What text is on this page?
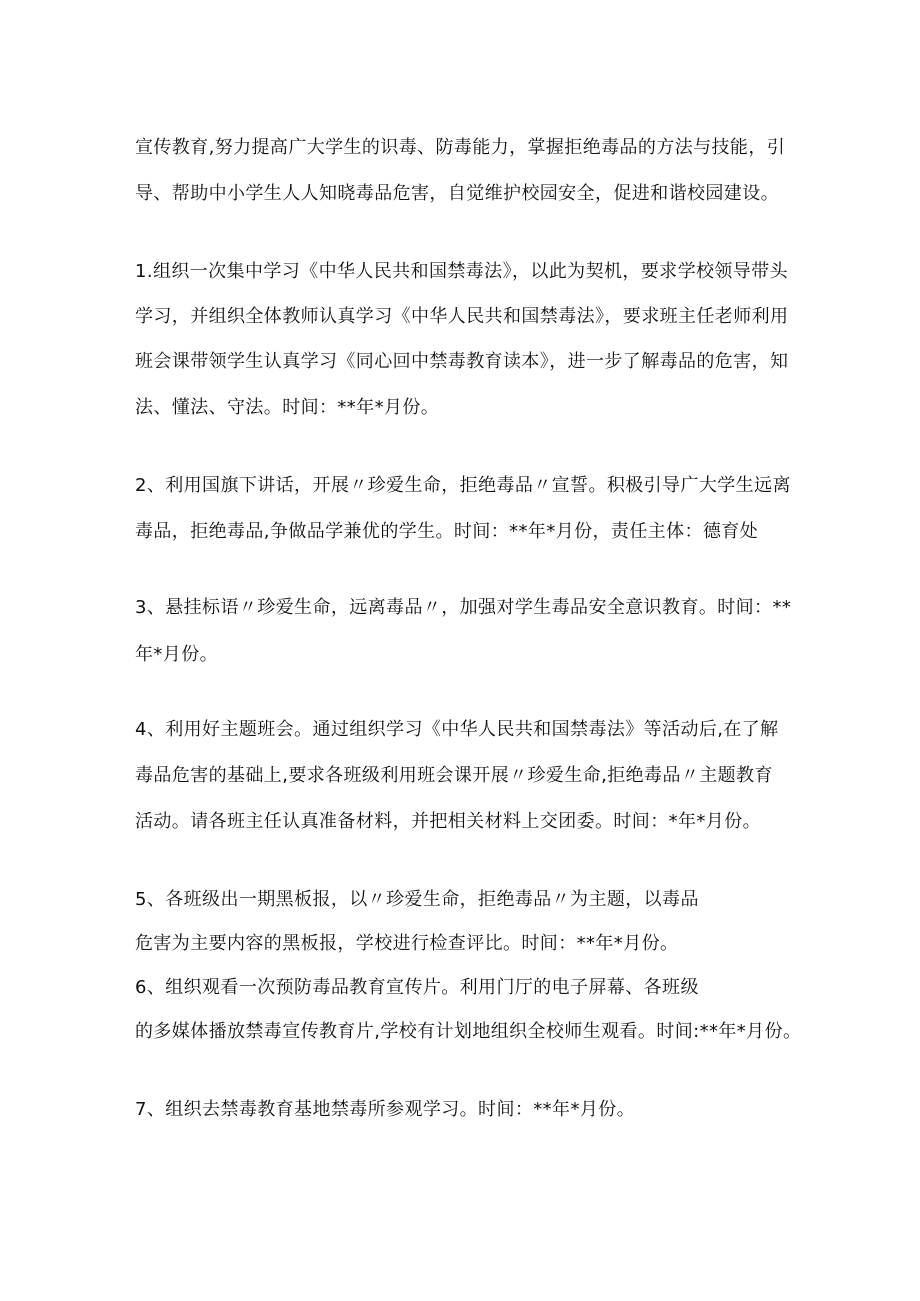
宣传教育,努力提高广大学生的识毒、防毒能力，掌握拒绝毒品的方法与技能，引
导、帮助中小学生人人知晓毒品危害，自觉维护校园安全，促进和谐校园建设。
1.组织一次集中学习《中华人民共和国禁毒法》，以此为契机，要求学校领导带头
学习，并组织全体教师认真学习《中华人民共和国禁毒法》，要求班主任老师利用
班会课带领学生认真学习《同心回中禁毒教育读本》，进一步了解毒品的危害，知
法、懂法、守法。时间：**年*月份。
2、利用国旗下讲话，开展〃珍爱生命，拒绝毒品〃宣誓。积极引导广大学生远离
毒品，拒绝毒品,争做品学兼优的学生。时间：**年*月份，责任主体：德育处
3、悬挂标语〃珍爱生命，远离毒品〃，加强对学生毒品安全意识教育。时间：**
年*月份。
4、利用好主题班会。通过组织学习《中华人民共和国禁毒法》等活动后,在了解
毒品危害的基础上,要求各班级利用班会课开展〃珍爱生命,拒绝毒品〃主题教育
活动。请各班主任认真准备材料，并把相关材料上交团委。时间：*年*月份。
5、各班级出一期黑板报，以〃珍爱生命，拒绝毒品〃为主题，以毒品
危害为主要内容的黑板报，学校进行检查评比。时间：**年*月份。
6、组织观看一次预防毒品教育宣传片。利用门厅的电子屏幕、各班级
的多媒体播放禁毒宣传教育片,学校有计划地组织全校师生观看。时间:**年*月份。
7、组织去禁毒教育基地禁毒所参观学习。时间：**年*月份。
